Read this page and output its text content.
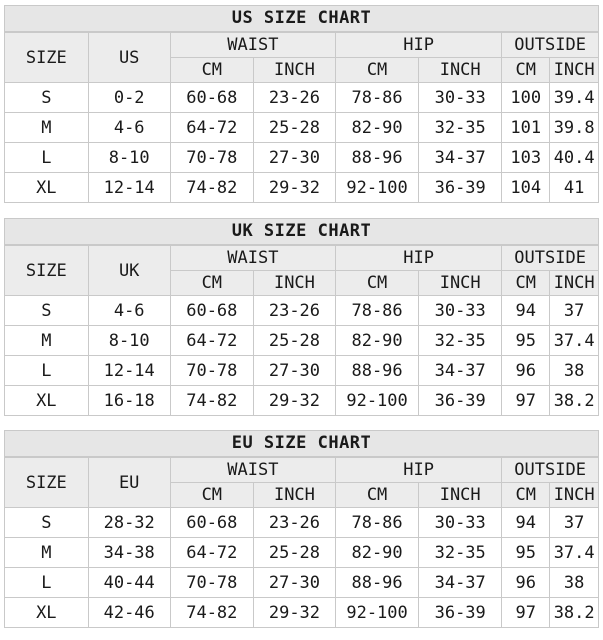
US SIZE CHART
SIZE	US	WAIST		HIP		OUTSIDE	
		CM	INCH	CM	INCH	CM	INCH
S	0-2	60-68	23-26	78-86	30-33	100	39.4
M	4-6	64-72	25-28	82-90	32-35	101	39.8
L	8-10	70-78	27-30	88-96	34-37	103	40.4
XL	12-14	74-82	29-32	92-100	36-39	104	41
UK SIZE CHART
SIZE	UK	WAIST		HIP		OUTSIDE	
		CM	INCH	CM	INCH	CM	INCH
S	4-6	60-68	23-26	78-86	30-33	94	37
M	8-10	64-72	25-28	82-90	32-35	95	37.4
L	12-14	70-78	27-30	88-96	34-37	96	38
XL	16-18	74-82	29-32	92-100	36-39	97	38.2
EU SIZE CHART
SIZE	EU	WAIST		HIP		OUTSIDE	
		CM	INCH	CM	INCH	CM	INCH
S	28-32	60-68	23-26	78-86	30-33	94	37
M	34-38	64-72	25-28	82-90	32-35	95	37.4
L	40-44	70-78	27-30	88-96	34-37	96	38
XL	42-46	74-82	29-32	92-100	36-39	97	38.2
